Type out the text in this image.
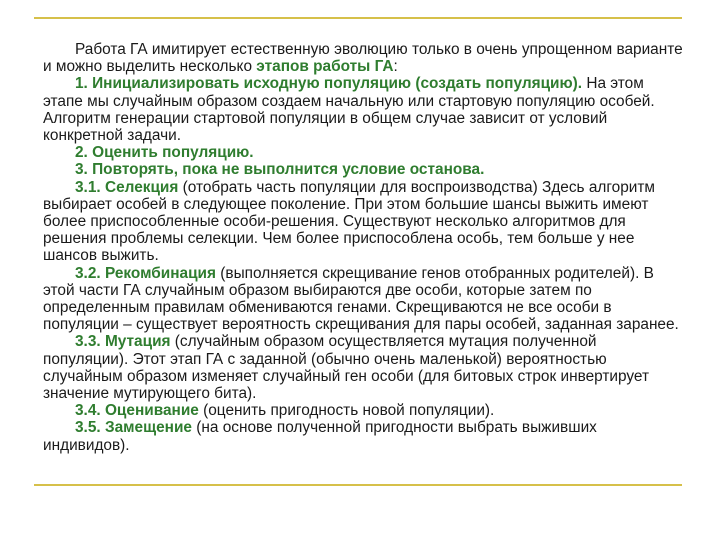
Работа ГА имитирует естественную эволюцию только в очень упрощенном варианте и можно выделить несколько этапов работы ГА:

1. Инициализировать исходную популяцию (создать популяцию). На этом этапе мы случайным образом создаем начальную или стартовую популяцию особей. Алгоритм генерации стартовой популяции в общем случае зависит от условий конкретной задачи.

2. Оценить популяцию.

3. Повторять, пока не выполнится условие останова.

3.1. Селекция (отобрать часть популяции для воспроизводства) Здесь алгоритм выбирает особей в следующее поколение. При этом большие шансы выжить имеют более приспособленные особи-решения. Существуют несколько алгоритмов для решения проблемы селекции. Чем более приспособлена особь, тем больше у нее шансов выжить.

3.2. Рекомбинация (выполняется скрещивание генов отобранных родителей). В этой части ГА случайным образом выбираются две особи, которые затем по определенным правилам обмениваются генами. Скрещиваются не все особи в популяции – существует вероятность скрещивания для пары особей, заданная заранее.

3.3. Мутация (случайным образом осуществляется мутация полученной популяции). Этот этап ГА с заданной (обычно очень маленькой) вероятностью случайным образом изменяет случайный ген особи (для битовых строк инвертирует значение мутирующего бита).

3.4. Оценивание (оценить пригодность новой популяции).

3.5. Замещение (на основе полученной пригодности выбрать выживших индивидов).
